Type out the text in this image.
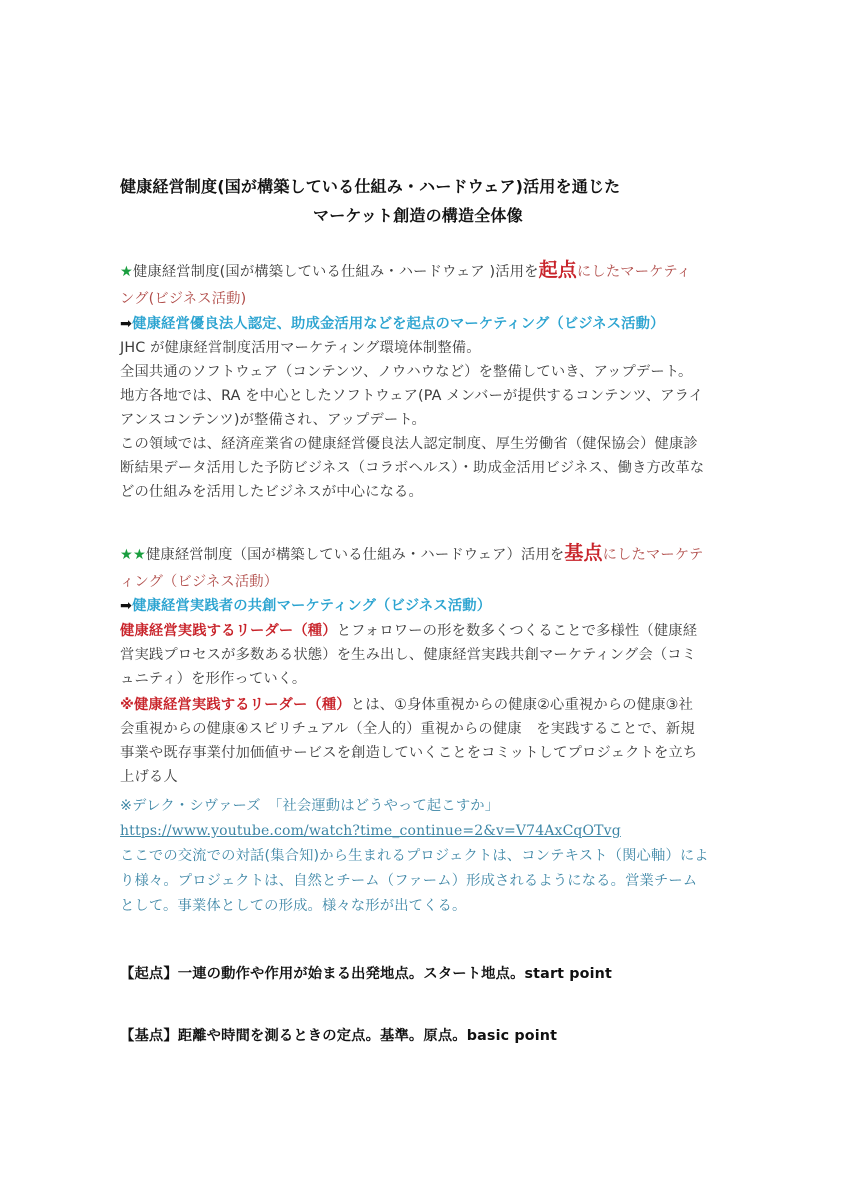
健康経営制度(国が構築している仕組み・ハードウェア)活用を通じた
マーケット創造の構造全体像
★健康経営制度(国が構築している仕組み・ハードウェア )活用を起点にしたマーケティ
ング(ビジネス活動)
➡健康経営優良法人認定、助成金活用などを起点のマーケティング（ビジネス活動）
JHC が健康経営制度活用マーケティング環境体制整備。
全国共通のソフトウェア（コンテンツ、ノウハウなど）を整備していき、アップデート。
地方各地では、RA を中心としたソフトウェア(PA メンバーが提供するコンテンツ、アライ
アンスコンテンツ)が整備され、アップデート。
この領域では、経済産業省の健康経営優良法人認定制度、厚生労働省（健保協会）健康診
断結果データ活用した予防ビジネス（コラボヘルス）・助成金活用ビジネス、働き方改革な
どの仕組みを活用したビジネスが中心になる。
★★健康経営制度（国が構築している仕組み・ハードウェア）活用を基点にしたマーケテ
ィング（ビジネス活動）
➡健康経営実践者の共創マーケティング（ビジネス活動）
健康経営実践するリーダー（種）とフォロワーの形を数多くつくることで多様性（健康経
営実践プロセスが多数ある状態）を生み出し、健康経営実践共創マーケティング会（コミ
ュニティ）を形作っていく。
※健康経営実践するリーダー（種）とは、①身体重視からの健康②心重視からの健康③社
会重視からの健康④スピリチュアル（全人的）重視からの健康　を実践することで、新規
事業や既存事業付加価値サービスを創造していくことをコミットしてプロジェクトを立ち
上げる人
※デレク・シヴァーズ　「社会運動はどうやって起こすか」
https://www.youtube.com/watch?time_continue=2&v=V74AxCqOTvg
ここでの交流での対話(集合知)から生まれるプロジェクトは、コンテキスト（関心軸）によ
り様々。プロジェクトは、自然とチーム（ファーム）形成されるようになる。営業チーム
として。事業体としての形成。様々な形が出てくる。
【起点】一連の動作や作用が始まる出発地点。スタート地点。start point
【基点】距離や時間を測るときの定点。基準。原点。basic point
